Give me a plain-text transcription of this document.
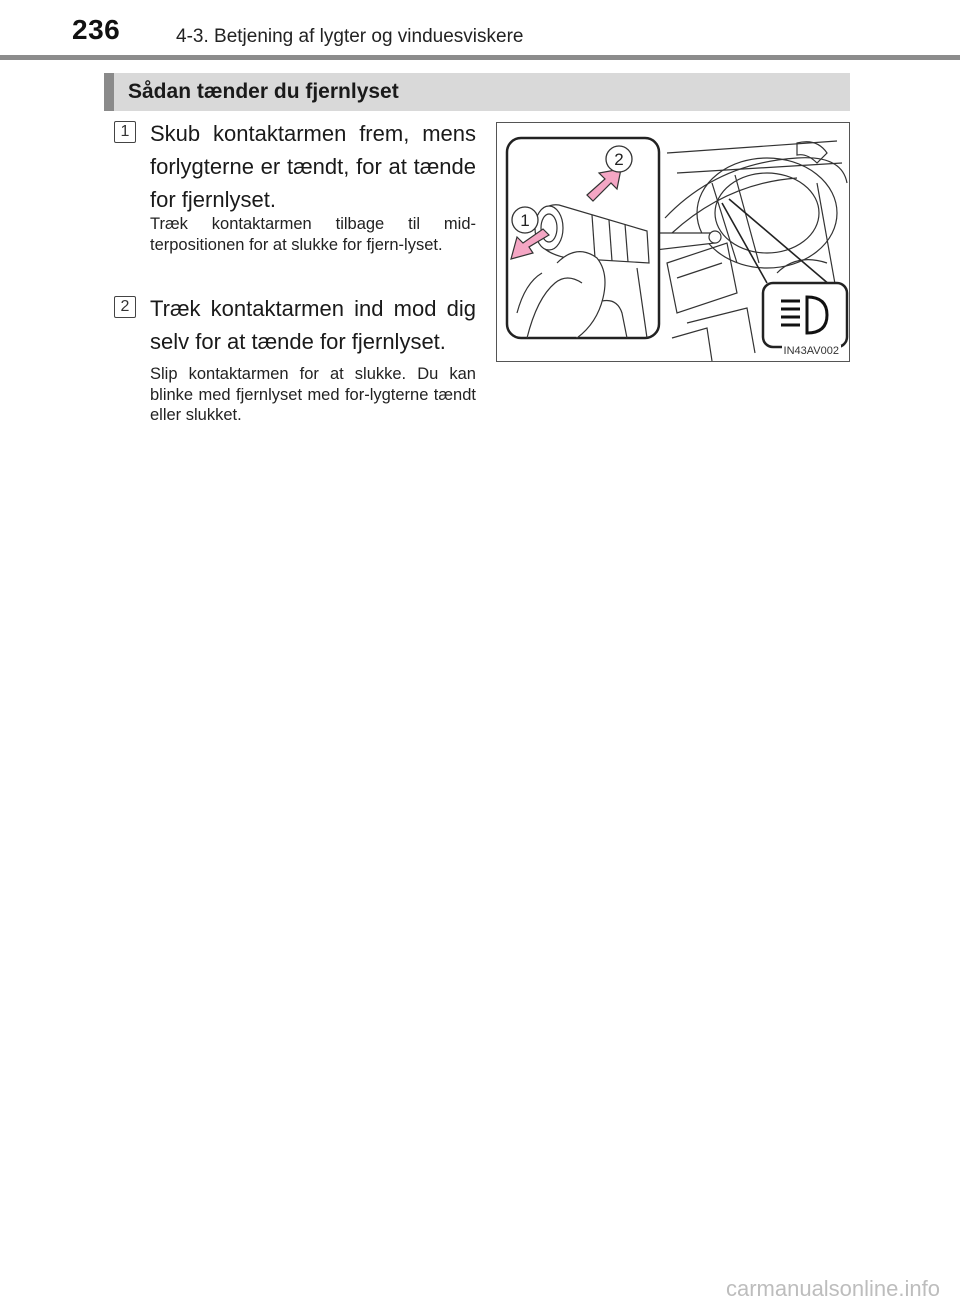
236	4-3. Betjening af lygter og vinduesviskere
Sådan tænder du fjernlyset
1 Skub kontaktarmen frem, mens forlygterne er tændt, for at tænde for fjernlyset.
Træk kontaktarmen tilbage til mid-terpositionen for at slukke for fjern-lyset.
2 Træk kontaktarmen ind mod dig selv for at tænde for fjernlyset.
Slip kontaktarmen for at slukke. Du kan blinke med fjernlyset med for-lygterne tændt eller slukket.
2
1
IN43AV002
carmanualsonline.info
